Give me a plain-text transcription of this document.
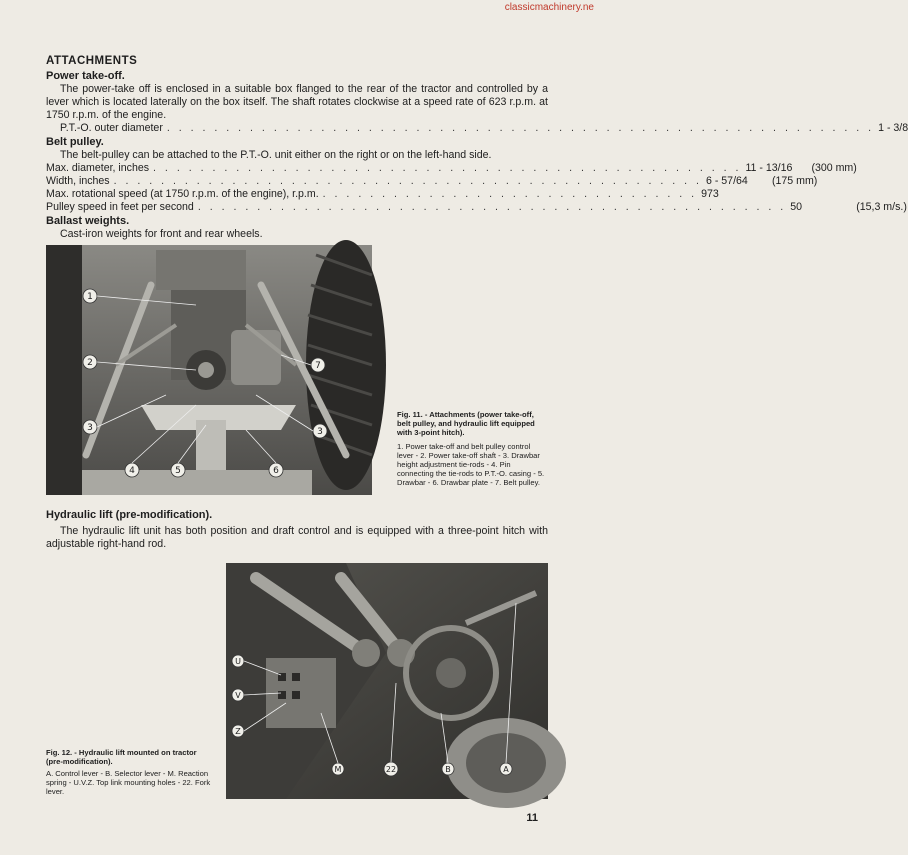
classicmachinery.ne
ATTACHMENTS
Power take-off.
The power-take off is enclosed in a suitable box flanged to the rear of the tractor and controlled by a lever which is located laterally on the box itself. The shaft rotates clockwise at a speed rate of 623 r.p.m. at 1750 r.p.m. of the engine.
P.T.-O. outer diameter . . . . . . . . . . . . . . . . . . . . . . . . . . . . . . . . . . . . . . . . . . . . . . . . . . . . . . . . . . . . 1 - 3/8
Belt pulley.
The belt-pulley can be attached to the P.T.-O. unit either on the right or on the left-hand side.
Max. diameter, inches . . . . . . . . . . . . . . . . . . . . . . . . . . . . . . . . . . . . . . . . . . . . . . . . . . 11 - 13/16	(300 mm)
Width, inches . . . . . . . . . . . . . . . . . . . . . . . . . . . . . . . . . . . . . . . . . . . . . . . . . . 6 - 57/64	(175 mm)
Max. rotational speed (at 1750 r.p.m. of the engine), r.p.m. . . . . . . . . . . . . . . . . . . . . . . . . . . . . . . . . 973
Pulley speed in feet per second . . . . . . . . . . . . . . . . . . . . . . . . . . . . . . . . . . . . . . . . . . . . . . . . . . 50	(15,3 m/s.)
Ballast weights.
Cast-iron weights for front and rear wheels.
1
2
3	3
4	5	6
7
Fig. 11. - Attachments (power take-off, belt pulley, and hydraulic lift equipped with 3-point hitch).
1. Power take-off and belt pulley control lever - 2. Power take-off shaft - 3. Drawbar height adjustment tie-rods - 4. Pin connecting the tie-rods to P.T.-O. casing - 5. Drawbar - 6. Drawbar plate - 7. Belt pulley.
Hydraulic lift (pre-modification).
The hydraulic lift unit has both position and draft control and is equipped with a three-point hitch with adjustable right-hand rod.
U
V
Z
M	22	B	A
Fig. 12. - Hydraulic lift mounted on tractor (pre-modification).
A. Control lever - B. Selector lever - M. Reaction spring - U.V.Z. Top link mounting holes - 22. Fork lever.
11
